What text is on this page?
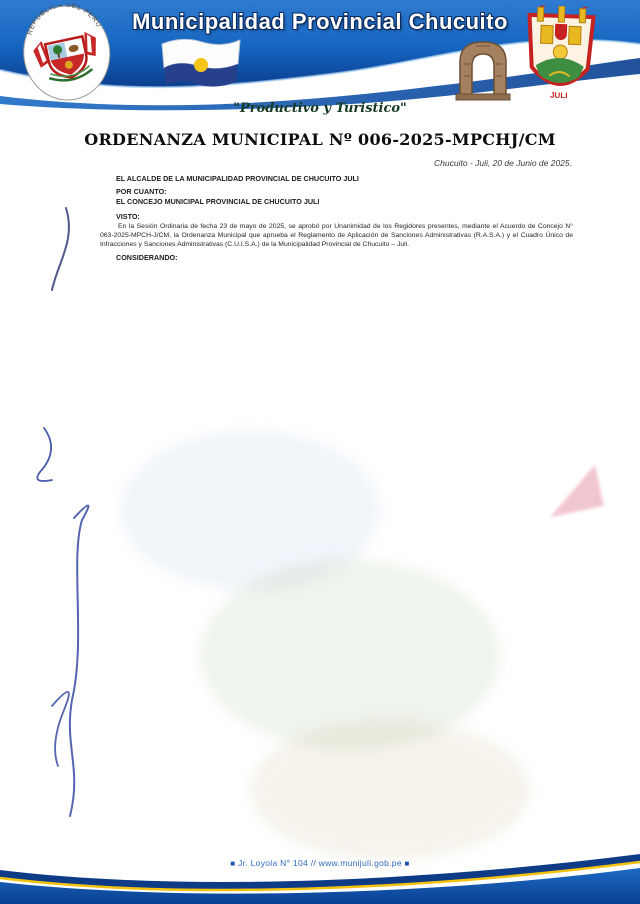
Municipalidad Provincial Chucuito
REPUBLICA DEL PERU
JULI
"Productivo y Turistico"
ORDENANZA MUNICIPAL Nº 006-2025-MPCHJ/CM
Chucuito - Juli, 20 de Junio de 2025.

EL ALCALDE DE LA MUNICIPALIDAD PROVINCIAL DE CHUCUITO JULI

POR CUANTO:

EL CONCEJO MUNICIPAL PROVINCIAL DE CHUCUITO JULI

VISTO:

En la Sesión Ordinaria de fecha 23 de mayo de 2025, se aprobó por Unanimidad de los Regidores presentes, mediante el Acuerdo de Concejo N° 063-2025-MPCH-J/CM, la Ordenanza Municipal que aprueba el Reglamento de Aplicación de Sanciones Administrativas (R.A.S.A.) y el Cuadro Único de Infracciones y Sanciones Administrativas (C.U.I.S.A.) de la Municipalidad Provincial de Chucuito – Juli.

CONSIDERANDO:

■ Jr. Loyola N° 104 // www.munijuli.gob.pe ■
